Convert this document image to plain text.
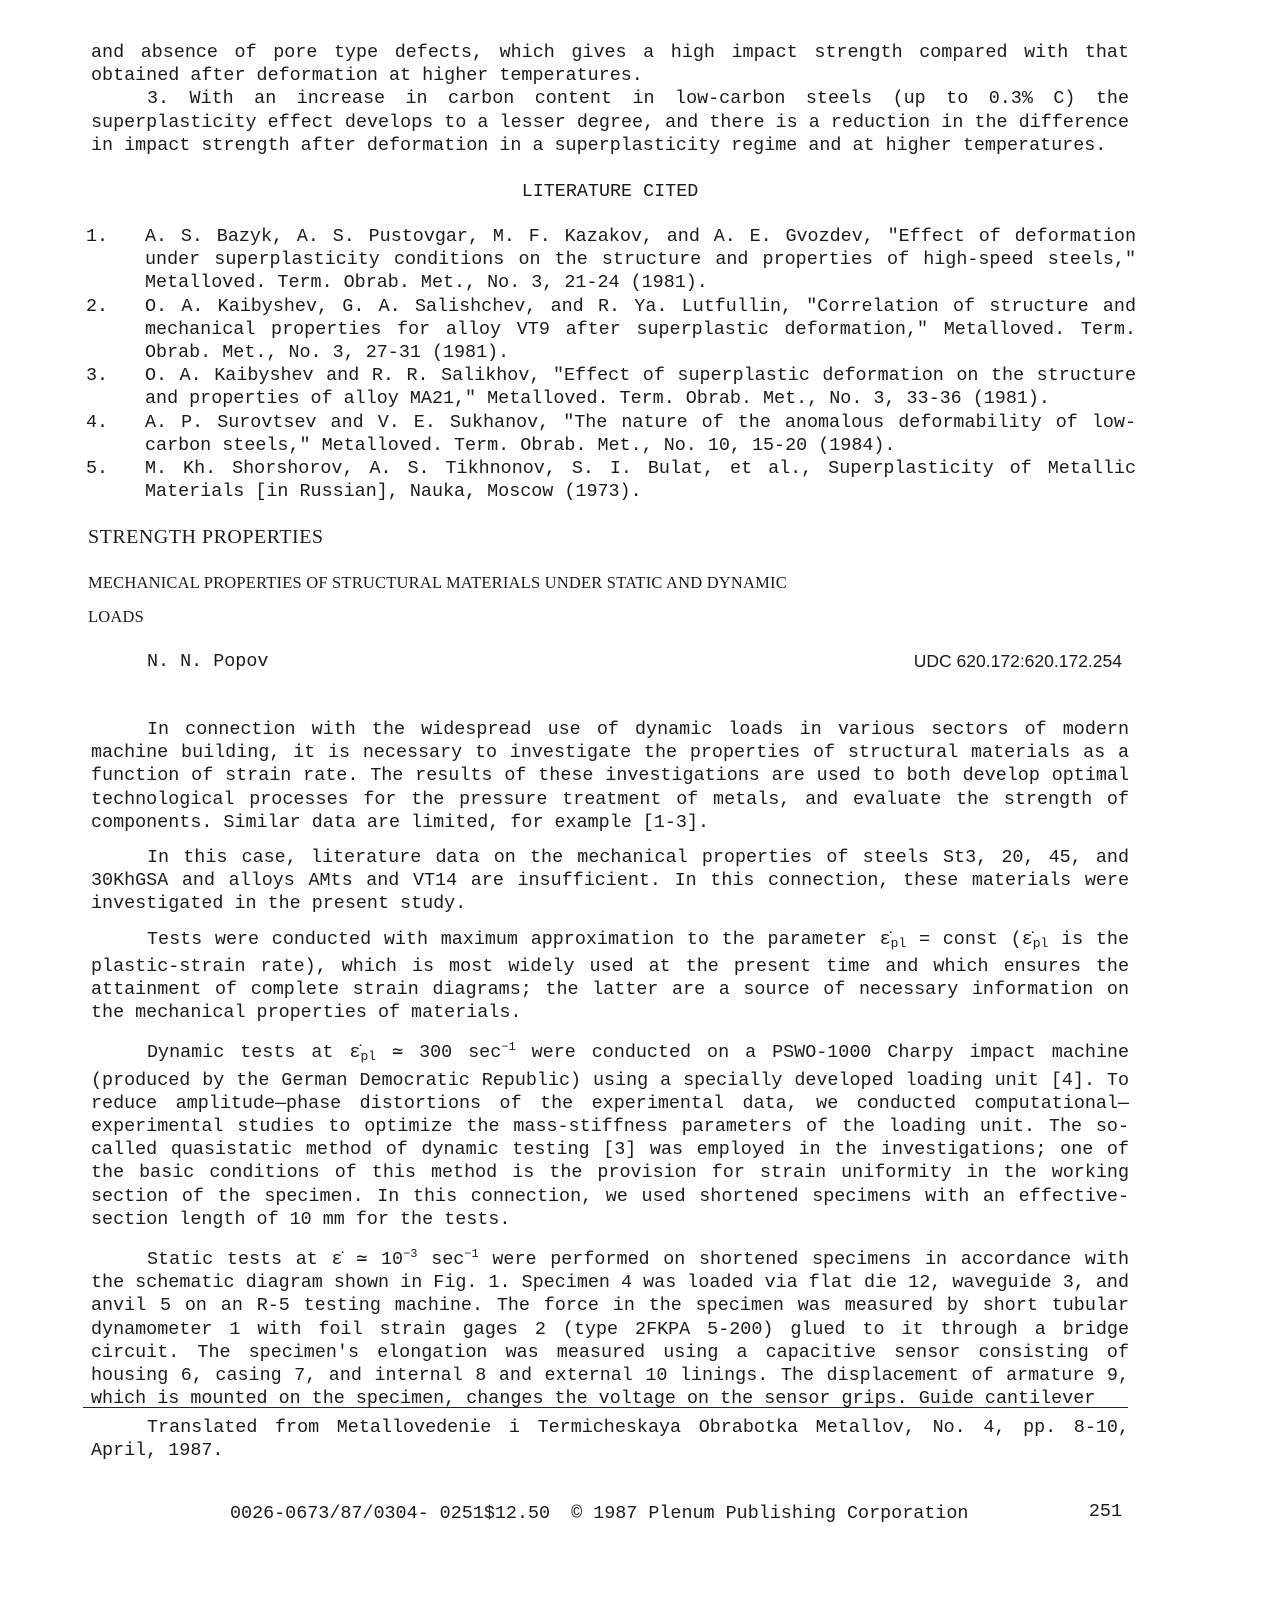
and absence of pore type defects, which gives a high impact strength compared with that obtained after deformation at higher temperatures.

3. With an increase in carbon content in low-carbon steels (up to 0.3% C) the superplasticity effect develops to a lesser degree, and there is a reduction in the difference in impact strength after deformation in a superplasticity regime and at higher temperatures.

LITERATURE CITED
1.	A. S. Bazyk, A. S. Pustovgar, M. F. Kazakov, and A. E. Gvozdev, "Effect of deformation under superplasticity conditions on the structure and properties of high-speed steels," Metalloved. Term. Obrab. Met., No. 3, 21-24 (1981).
2.	O. A. Kaibyshev, G. A. Salishchev, and R. Ya. Lutfullin, "Correlation of structure and mechanical properties for alloy VT9 after superplastic deformation," Metalloved. Term. Obrab. Met., No. 3, 27-31 (1981).
3.	O. A. Kaibyshev and R. R. Salikhov, "Effect of superplastic deformation on the structure and properties of alloy MA21," Metalloved. Term. Obrab. Met., No. 3, 33-36 (1981).
4.	A. P. Surovtsev and V. E. Sukhanov, "The nature of the anomalous deformability of low-carbon steels," Metalloved. Term. Obrab. Met., No. 10, 15-20 (1984).
5.	M. Kh. Shorshorov, A. S. Tikhnonov, S. I. Bulat, et al., Superplasticity of Metallic Materials [in Russian], Nauka, Moscow (1973).
STRENGTH PROPERTIES
MECHANICAL PROPERTIES OF STRUCTURAL MATERIALS UNDER STATIC AND DYNAMIC
LOADS
N. N. Popov	UDC 620.172:620.172.254

In connection with the widespread use of dynamic loads in various sectors of modern machine building, it is necessary to investigate the properties of structural materials as a function of strain rate. The results of these investigations are used to both develop optimal technological processes for the pressure treatment of metals, and evaluate the strength of components. Similar data are limited, for example [1-3].

In this case, literature data on the mechanical properties of steels St3, 20, 45, and 30KhGSA and alloys AMts and VT14 are insufficient. In this connection, these materials were investigated in the present study.

Tests were conducted with maximum approximation to the parameter $\varepsiloṅ_{pl}$ = const ($\varepsiloṅ_{pl}$ is the plastic-strain rate), which is most widely used at the present time and which ensures the attainment of complete strain diagrams; the latter are a source of necessary information on the mechanical properties of materials.

Dynamic tests at $\varepsiloṅ_{pl}$ ≃ 300 $\sec^{-1}$ were conducted on a PSWO-1000 Charpy impact machine (produced by the German Democratic Republic) using a specially developed loading unit [4]. To reduce amplitude—phase distortions of the experimental data, we conducted computational—experimental studies to optimize the mass-stiffness parameters of the loading unit. The so-called quasistatic method of dynamic testing [3] was employed in the investigations; one of the basic conditions of this method is the provision for strain uniformity in the working section of the specimen. In this connection, we used shortened specimens with an effective-section length of 10 mm for the tests.

Static tests at ε̇ ≃ $10^{-3}$ $\sec^{-1}$ were performed on shortened specimens in accordance with the schematic diagram shown in Fig. 1. Specimen 4 was loaded via flat die 12, waveguide 3, and anvil 5 on an R-5 testing machine. The force in the specimen was measured by short tubular dynamometer 1 with foil strain gages 2 (type 2FKPA 5-200) glued to it through a bridge circuit. The specimen's elongation was measured using a capacitive sensor consisting of housing 6, casing 7, and internal 8 and external 10 linings. The displacement of armature 9, which is mounted on the specimen, changes the voltage on the sensor grips. Guide cantilever

Translated from Metallovedenie i Termicheskaya Obrabotka Metallov, No. 4, pp. 8-10, April, 1987.

0026-0673/87/0304- 0251$12.50 © 1987 Plenum Publishing Corporation	251
